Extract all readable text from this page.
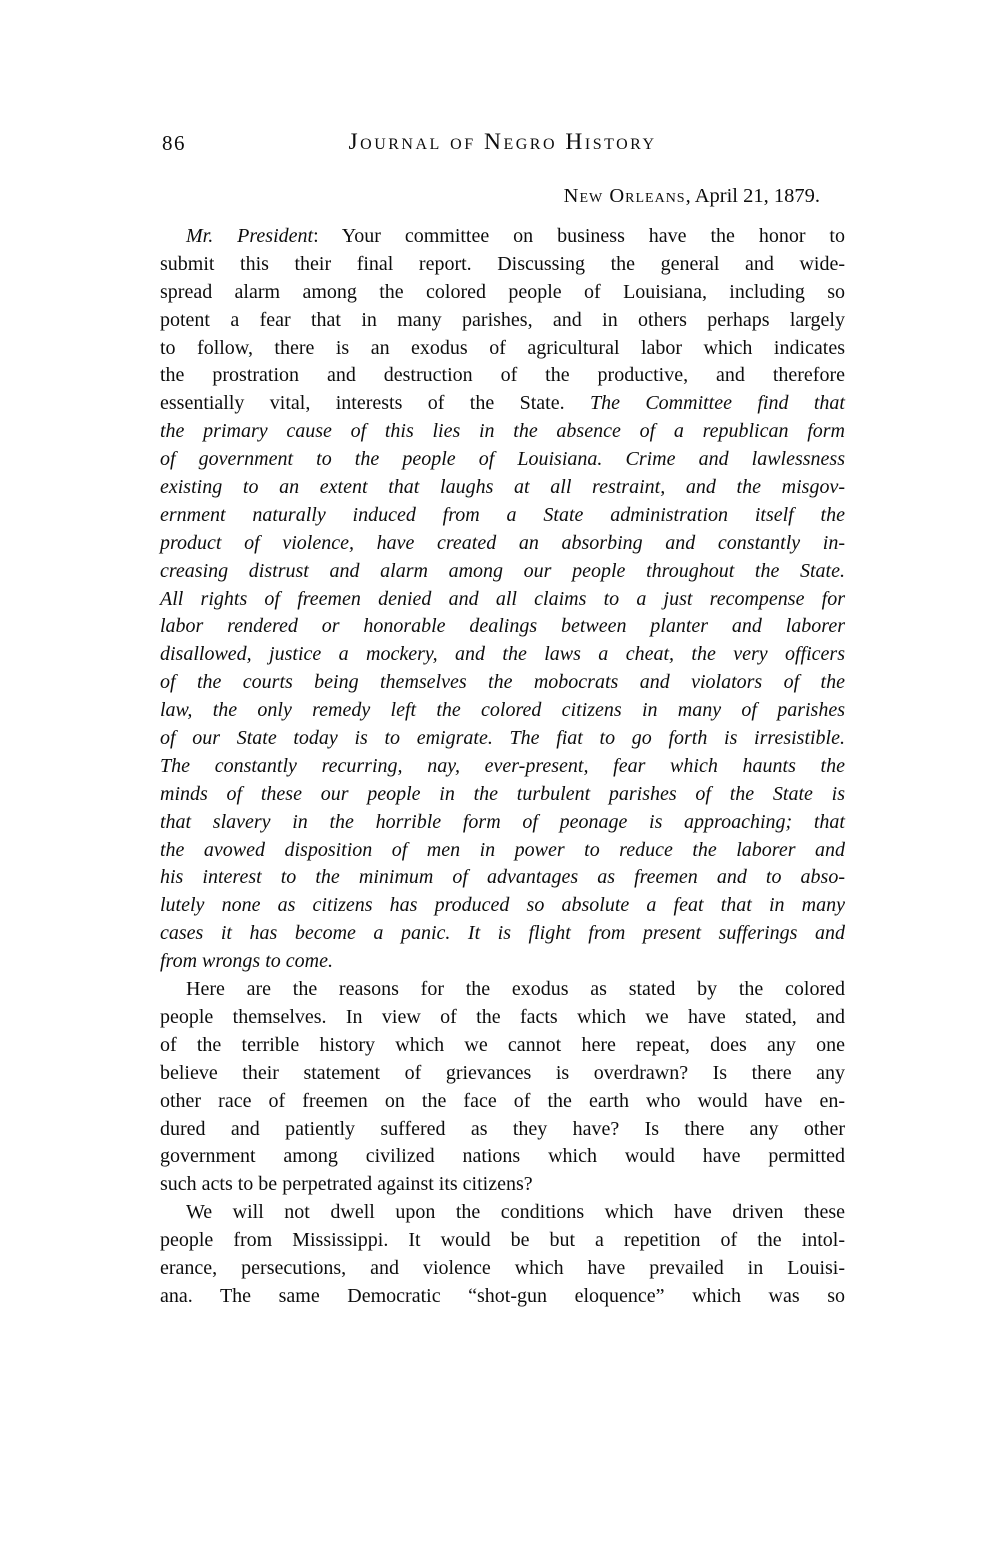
86	Journal of Negro History
New Orleans, April 21, 1879.
Mr. President: Your committee on business have the honor to
submit this their final report. Discussing the general and wide-
spread alarm among the colored people of Louisiana, including so
potent a fear that in many parishes, and in others perhaps largely
to follow, there is an exodus of agricultural labor which indicates
the prostration and destruction of the productive, and therefore
essentially vital, interests of the State. The Committee find that
the primary cause of this lies in the absence of a republican form
of government to the people of Louisiana. Crime and lawlessness
existing to an extent that laughs at all restraint, and the misgov-
ernment naturally induced from a State administration itself the
product of violence, have created an absorbing and constantly in-
creasing distrust and alarm among our people throughout the State.
All rights of freemen denied and all claims to a just recompense for
labor rendered or honorable dealings between planter and laborer
disallowed, justice a mockery, and the laws a cheat, the very officers
of the courts being themselves the mobocrats and violators of the
law, the only remedy left the colored citizens in many of parishes
of our State today is to emigrate. The fiat to go forth is irresistible.
The constantly recurring, nay, ever-present, fear which haunts the
minds of these our people in the turbulent parishes of the State is
that slavery in the horrible form of peonage is approaching; that
the avowed disposition of men in power to reduce the laborer and
his interest to the minimum of advantages as freemen and to abso-
lutely none as citizens has produced so absolute a feat that in many
cases it has become a panic. It is flight from present sufferings and
from wrongs to come.
Here are the reasons for the exodus as stated by the colored
people themselves. In view of the facts which we have stated, and
of the terrible history which we cannot here repeat, does any one
believe their statement of grievances is overdrawn? Is there any
other race of freemen on the face of the earth who would have en-
dured and patiently suffered as they have? Is there any other
government among civilized nations which would have permitted
such acts to be perpetrated against its citizens?
We will not dwell upon the conditions which have driven these
people from Mississippi. It would be but a repetition of the intol-
erance, persecutions, and violence which have prevailed in Louisi-
ana. The same Democratic “shot-gun eloquence” which was so
